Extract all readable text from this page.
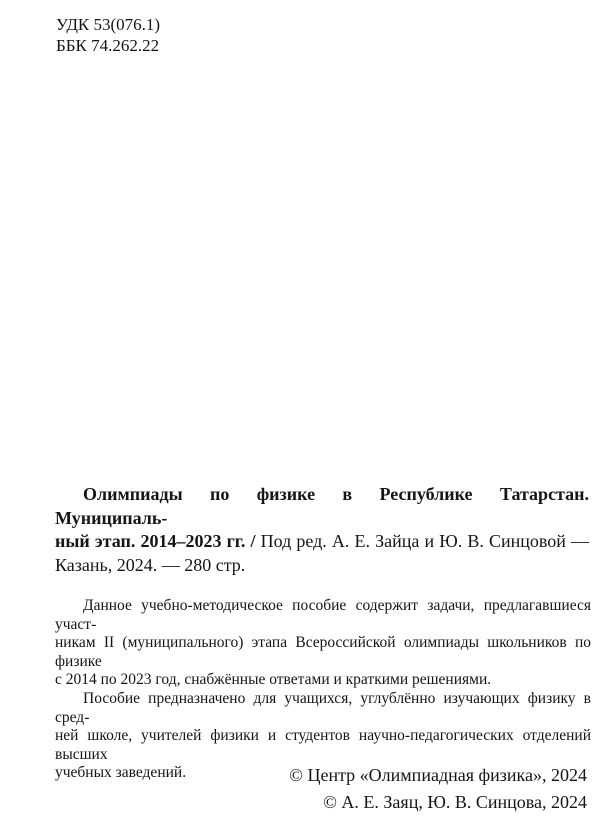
УДК 53(076.1)
ББК 74.262.22
Олимпиады по физике в Республике Татарстан. Муниципаль-
ный этап. 2014–2023 гг. / Под ред. А. Е. Зайца и Ю. В. Синцовой —
Казань, 2024. — 280 стр.
Данное учебно-методическое пособие содержит задачи, предлагавшиеся участ-
никам II (муниципального) этапа Всероссийской олимпиады школьников по физике
с 2014 по 2023 год, снабжённые ответами и краткими решениями.
Пособие предназначено для учащихся, углублённо изучающих физику в сред-
ней школе, учителей физики и студентов научно-педагогических отделений высших
учебных заведений.	© Центр «Олимпиадная физика», 2024
© А. Е. Заяц, Ю. В. Синцова, 2024
